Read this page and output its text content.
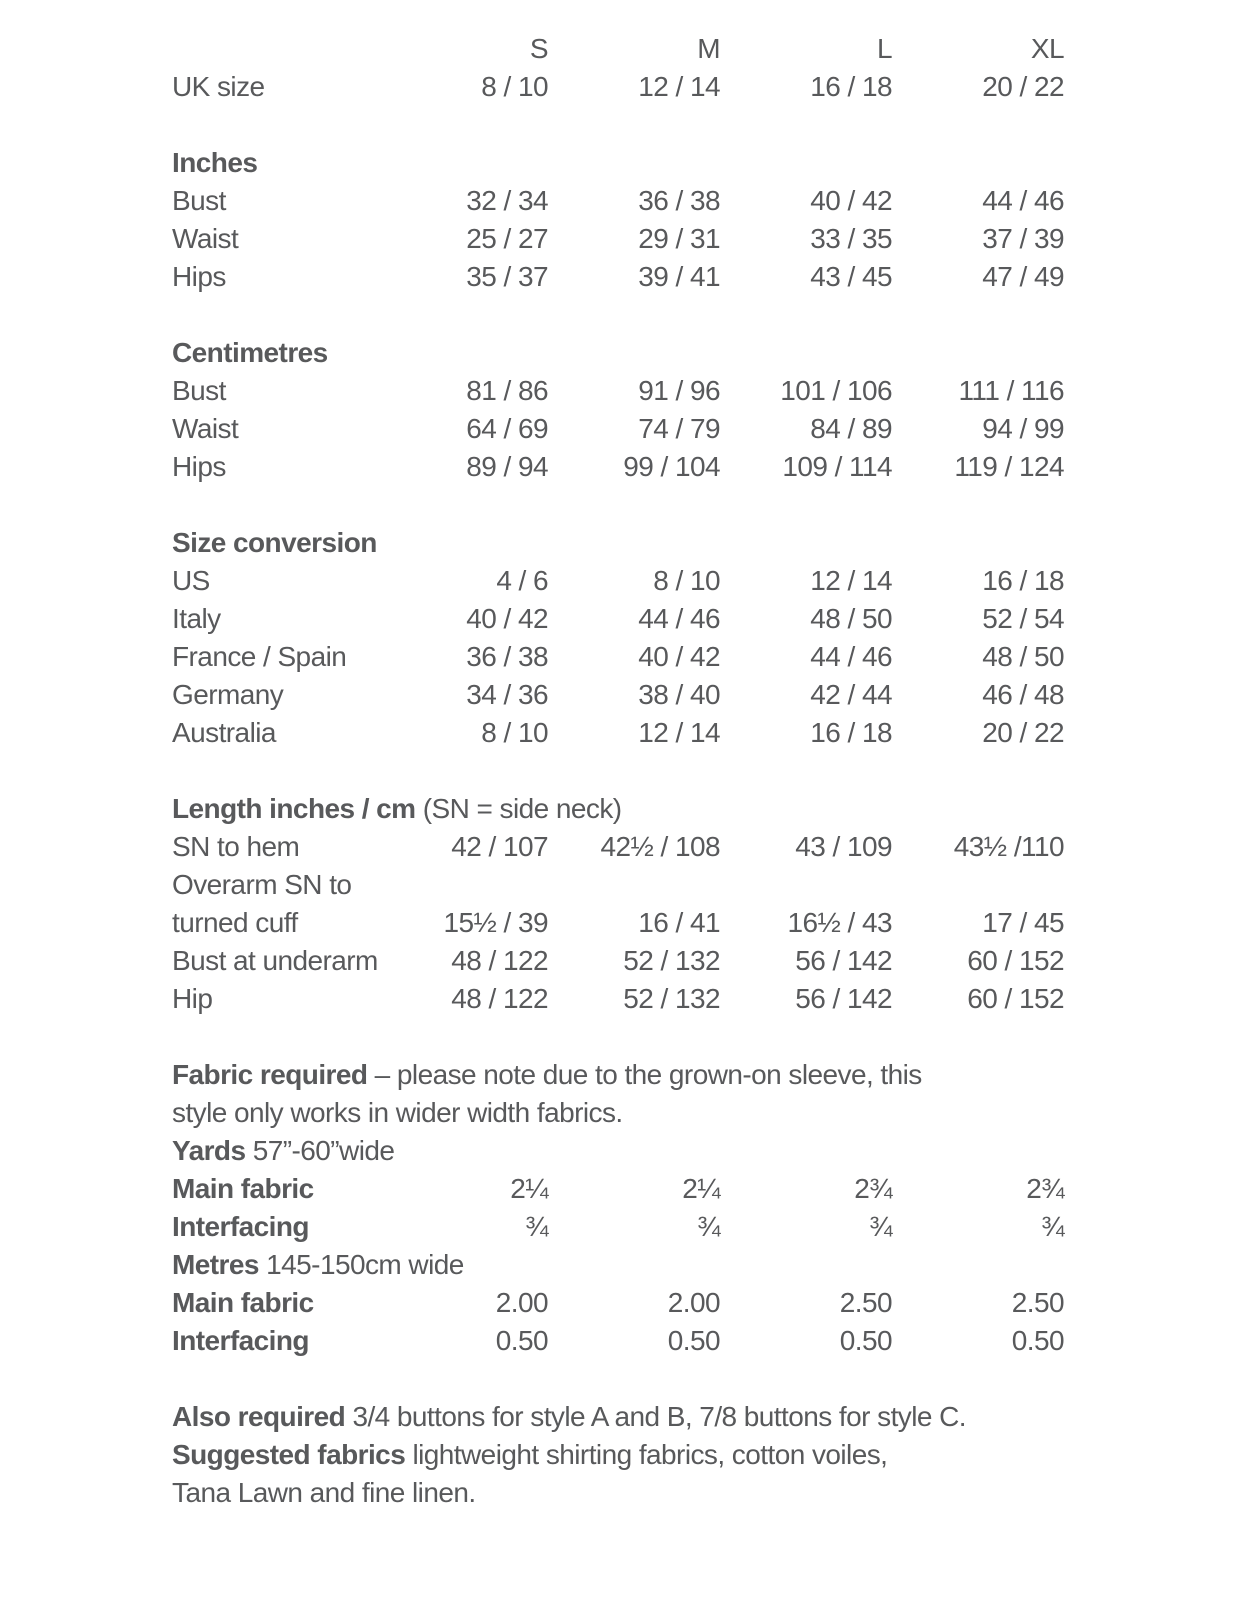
S	M	L	XL
UK size	8 / 10	12 / 14	16 / 18	20 / 22
Inches
Bust	32 / 34	36 / 38	40 / 42	44 / 46
Waist	25 / 27	29 / 31	33 / 35	37 / 39
Hips	35 / 37	39 / 41	43 / 45	47 / 49
Centimetres
Bust	81 / 86	91 / 96	101 / 106	111 / 116
Waist	64 / 69	74 / 79	84 / 89	94 / 99
Hips	89 / 94	99 / 104	109 / 114	119 / 124
Size conversion
US	4 / 6	8 / 10	12 / 14	16 / 18
Italy	40 / 42	44 / 46	48 / 50	52 / 54
France / Spain	36 / 38	40 / 42	44 / 46	48 / 50
Germany	34 / 36	38 / 40	42 / 44	46 / 48
Australia	8 / 10	12 / 14	16 / 18	20 / 22
Length inches / cm (SN = side neck)
SN to hem	42 / 107	42½ / 108	43 / 109	43½ /110
Overarm SN to
turned cuff	15½ / 39	16 / 41	16½ / 43	17 / 45
Bust at underarm	48 / 122	52 / 132	56 / 142	60 / 152
Hip	48 / 122	52 / 132	56 / 142	60 / 152
Fabric required – please note due to the grown-on sleeve, this
style only works in wider width fabrics.
Yards 57”-60”wide
Main fabric	2¼	2¼	2¾	2¾
Interfacing	¾	¾	¾	¾
Metres 145-150cm wide
Main fabric	2.00	2.00	2.50	2.50
Interfacing	0.50	0.50	0.50	0.50
Also required 3/4 buttons for style A and B, 7/8 buttons for style C.
Suggested fabrics lightweight shirting fabrics, cotton voiles,
Tana Lawn and fine linen.
